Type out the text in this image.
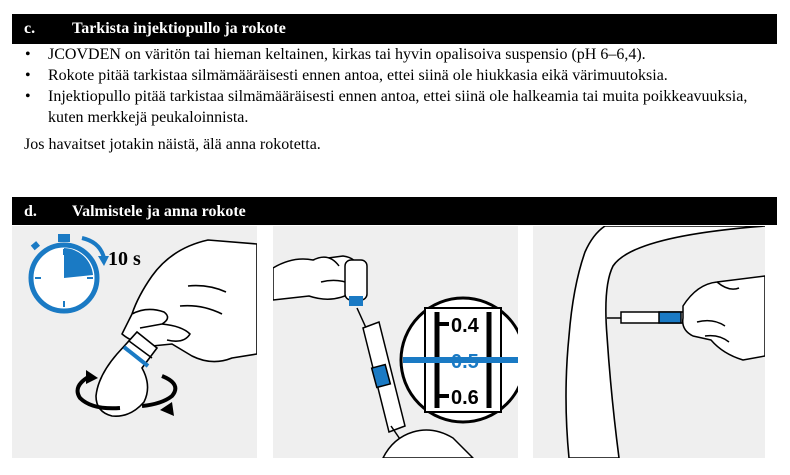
c. Tarkista injektiopullo ja rokote
• JCOVDEN on väritön tai hieman keltainen, kirkas tai hyvin opalisoiva suspensio (pH 6–6,4).
• Rokote pitää tarkistaa silmämääräisesti ennen antoa, ettei siinä ole hiukkasia eikä värimuutoksia.
• Injektiopullo pitää tarkistaa silmämääräisesti ennen antoa, ettei siinä ole halkeamia tai muita poikkeavuuksia, kuten merkkejä peukaloinnista.
Jos havaitset jotakin näistä, älä anna rokotetta.
d. Valmistele ja anna rokote
10 s
0.4
0.5
0.6
